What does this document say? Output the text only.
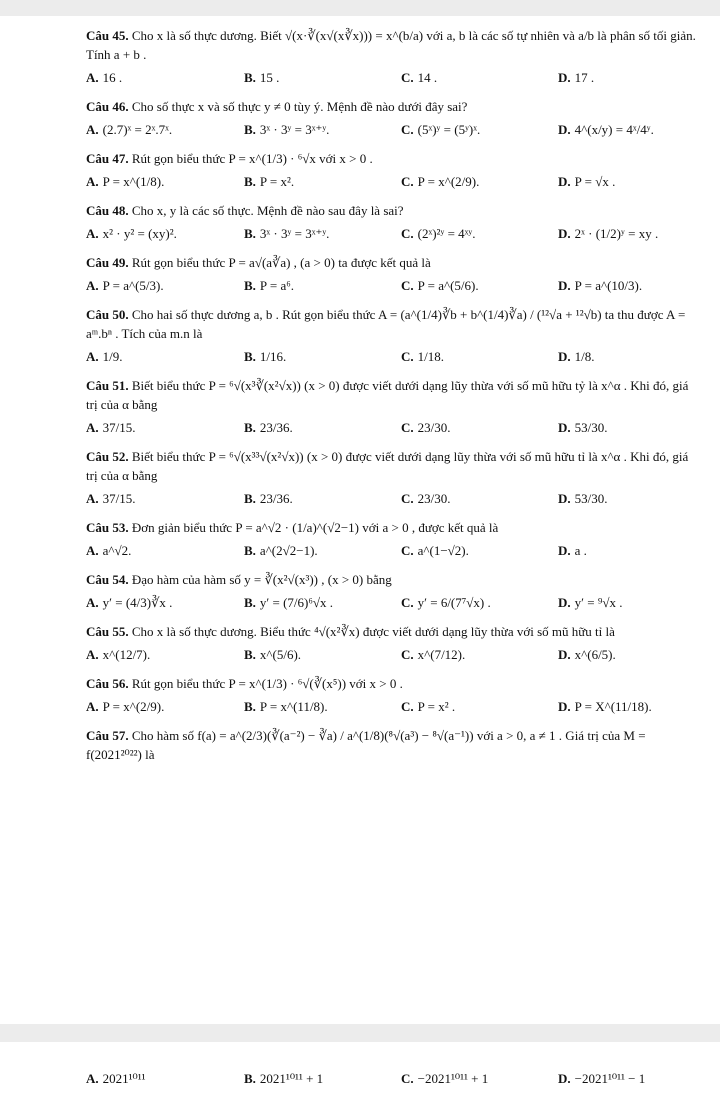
Câu 45. Cho x là số thực dương. Biết √(x·∛(x√(x∛x))) = x^(b/a) với a, b là các số tự nhiên và a/b là phân số tối giản. Tính a + b .
A. 16 .	B. 15 .	C. 14 .	D. 17 .
Câu 46. Cho số thực x và số thực y ≠ 0 tùy ý. Mệnh đề nào dưới đây sai?
A. (2.7)ˣ = 2ˣ.7ˣ.	B. 3ˣ · 3ʸ = 3ˣ⁺ʸ.	C. (5ˣ)ʸ = (5ʸ)ˣ.	D. 4^(x/y) = 4ˣ/4ʸ.
Câu 47. Rút gọn biểu thức P = x^(1/3) · ⁶√x với x > 0 .
A. P = x^(1/8).	B. P = x².	C. P = x^(2/9).	D. P = √x .
Câu 48. Cho x, y là các số thực. Mệnh đề nào sau đây là sai?
A. x² · y² = (xy)².	B. 3ˣ · 3ʸ = 3ˣ⁺ʸ.	C. (2ˣ)²ʸ = 4ˣʸ.	D. 2ˣ · (1/2)ʸ = xy .
Câu 49. Rút gọn biểu thức P = a√(a∛a) , (a > 0) ta được kết quả là
A. P = a^(5/3).	B. P = a⁶.	C. P = a^(5/6).	D. P = a^(10/3).
Câu 50. Cho hai số thực dương a, b . Rút gọn biểu thức A = (a^(1/4)∛b + b^(1/4)∛a) / (¹²√a + ¹²√b) ta thu được A = aᵐ.bⁿ . Tích của m.n là
A. 1/9.	B. 1/16.	C. 1/18.	D. 1/8.
Câu 51. Biết biểu thức P = ⁶√(x³∛(x²√x)) (x > 0) được viết dưới dạng lũy thừa với số mũ hữu tỷ là x^α . Khi đó, giá trị của α bằng
A. 37/15.	B. 23/36.	C. 23/30.	D. 53/30.
Câu 52. Biết biểu thức P = ⁶√(x³³√(x²√x)) (x > 0) được viết dưới dạng lũy thừa với số mũ hữu tỉ là x^α . Khi đó, giá trị của α bằng
A. 37/15.	B. 23/36.	C. 23/30.	D. 53/30.
Câu 53. Đơn giản biểu thức P = a^√2 · (1/a)^(√2−1) với a > 0 , được kết quả là
A. a^√2.	B. a^(2√2−1).	C. a^(1−√2).	D. a .
Câu 54. Đạo hàm của hàm số y = ∛(x²√(x³)) , (x > 0) bằng
A. y′ = (4/3)∛x .	B. y′ = (7/6)⁶√x .	C. y′ = 6/(7⁷√x) .	D. y′ = ⁹√x .
Câu 55. Cho x là số thực dương. Biểu thức ⁴√(x²∛x) được viết dưới dạng lũy thừa với số mũ hữu tỉ là
A. x^(12/7).	B. x^(5/6).	C. x^(7/12).	D. x^(6/5).
Câu 56. Rút gọn biểu thức P = x^(1/3) · ⁶√(∛(x⁵)) với x > 0 .
A. P = x^(2/9).	B. P = x^(11/8).	C. P = x² .	D. P = X^(11/18).
Câu 57. Cho hàm số f(a) = a^(2/3)(∛(a⁻²) − ∛a) / a^(1/8)(⁸√(a³) − ⁸√(a⁻¹)) với a > 0, a ≠ 1 . Giá trị của M = f(2021²⁰²²) là
A. 2021¹⁰¹¹	B. 2021¹⁰¹¹ + 1	C. −2021¹⁰¹¹ + 1	D. −2021¹⁰¹¹ − 1
